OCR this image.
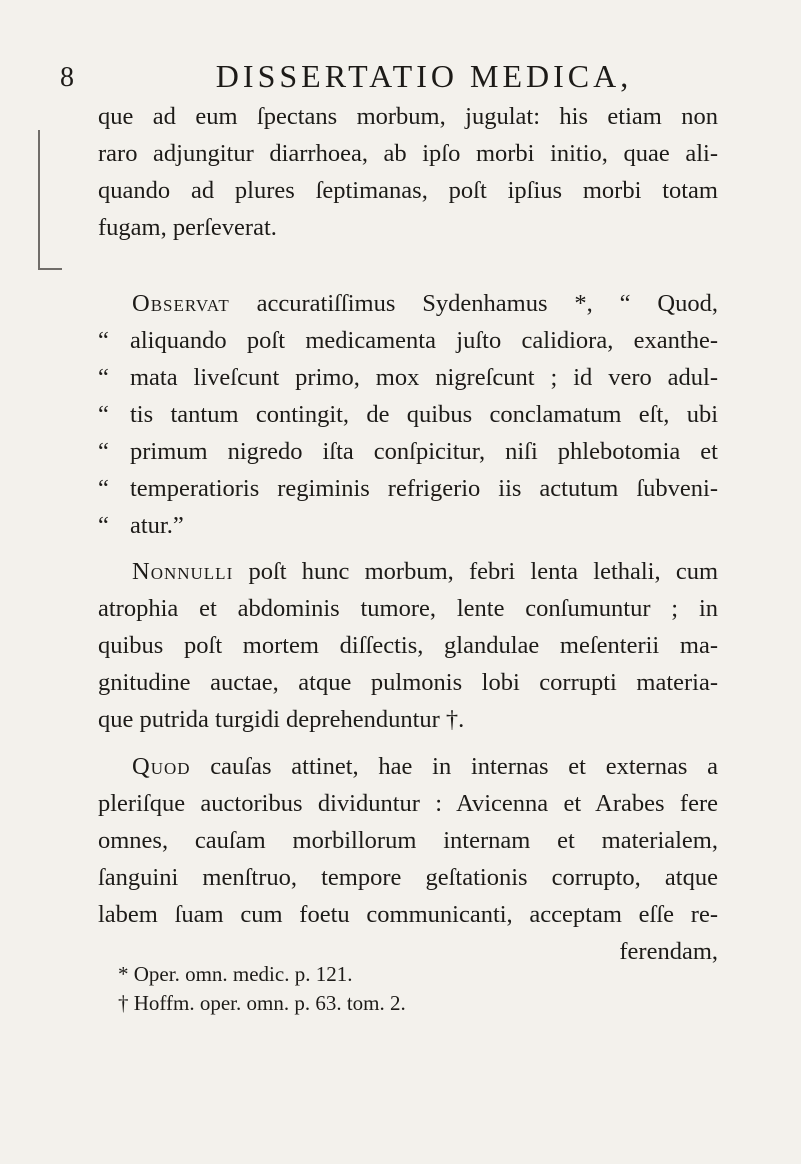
8	DISSERTATIO MEDICA,
que ad eum ſpectans morbum, jugulat: his etiam non
raro adjungitur diarrhoea, ab ipſo morbi initio, quae ali-
quando ad plures ſeptimanas, poſt ipſius morbi totam
fugam, perſeverat.
Observat accuratiſſimus Sydenhamus *, “ Quod,
“ aliquando poſt medicamenta juſto calidiora, exanthe-
“ mata liveſcunt primo, mox nigreſcunt ; id vero adul-
“ tis tantum contingit, de quibus conclamatum eſt, ubi
“ primum nigredo iſta conſpicitur, niſi phlebotomia et
“ temperatioris regiminis refrigerio iis actutum ſubveni-
“ atur.”
Nonnulli poſt hunc morbum, febri lenta lethali, cum
atrophia et abdominis tumore, lente conſumuntur ; in
quibus poſt mortem diſſectis, glandulae meſenterii ma-
gnitudine auctae, atque pulmonis lobi corrupti materia-
que putrida turgidi deprehenduntur †.
Quod cauſas attinet, hae in internas et externas a
pleriſque auctoribus dividuntur : Avicenna et Arabes fere
omnes, cauſam morbillorum internam et materialem,
ſanguini menſtruo, tempore geſtationis corrupto, atque
labem ſuam cum foetu communicanti, acceptam eſſe re-
ferendam,
* Oper. omn. medic. p. 121.
† Hoffm. oper. omn. p. 63. tom. 2.
